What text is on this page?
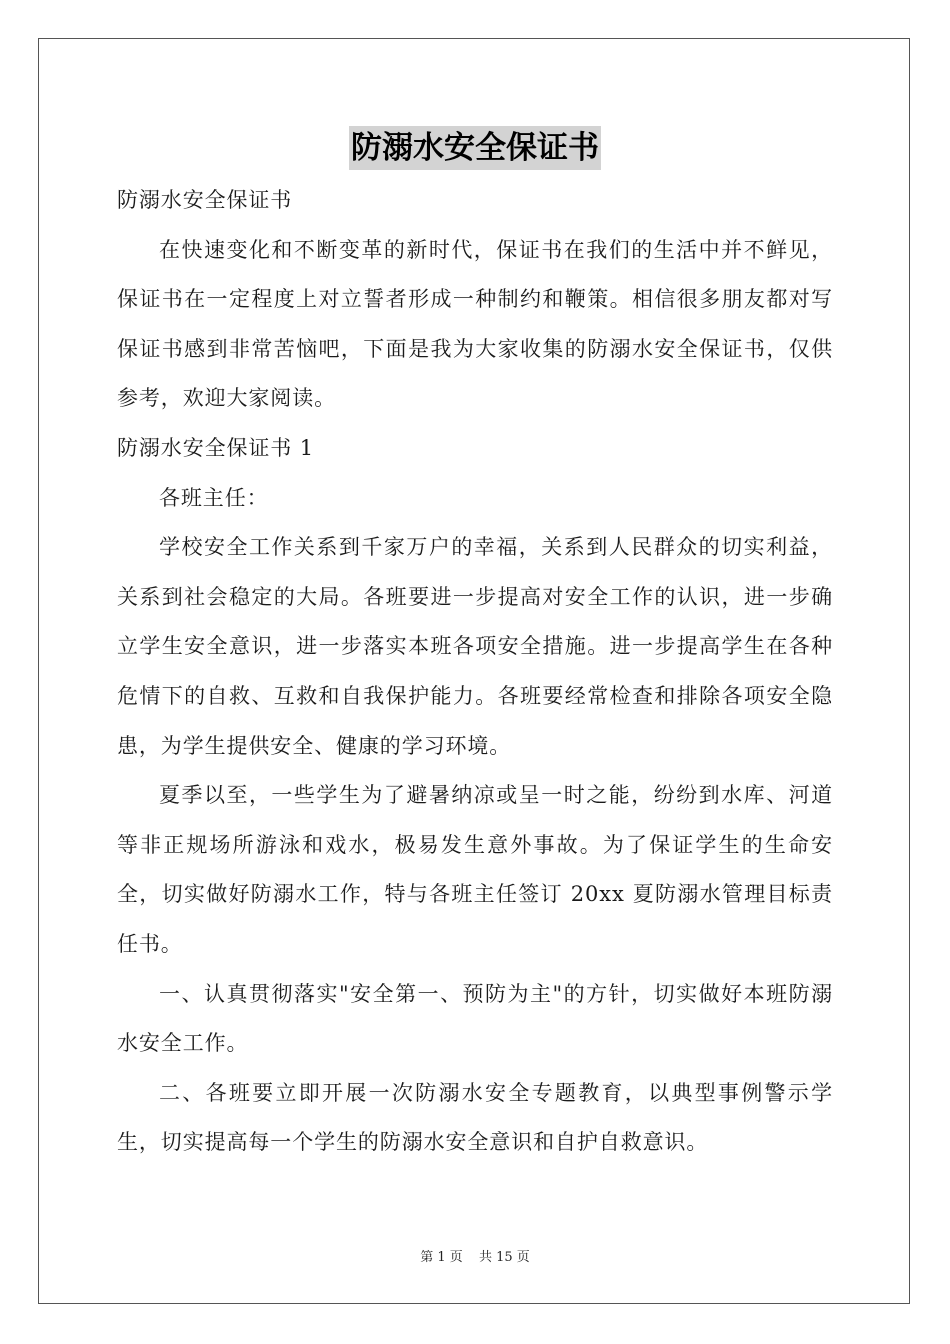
防溺水安全保证书

防溺水安全保证书

在快速变化和不断变革的新时代，保证书在我们的生活中并不鲜见，保证书在一定程度上对立誓者形成一种制约和鞭策。相信很多朋友都对写保证书感到非常苦恼吧，下面是我为大家收集的防溺水安全保证书，仅供参考，欢迎大家阅读。

防溺水安全保证书 1

各班主任：

学校安全工作关系到千家万户的幸福，关系到人民群众的切实利益，关系到社会稳定的大局。各班要进一步提高对安全工作的认识，进一步确立学生安全意识，进一步落实本班各项安全措施。进一步提高学生在各种危情下的自救、互救和自我保护能力。各班要经常检查和排除各项安全隐患，为学生提供安全、健康的学习环境。

夏季以至，一些学生为了避暑纳凉或呈一时之能，纷纷到水库、河道等非正规场所游泳和戏水，极易发生意外事故。为了保证学生的生命安全，切实做好防溺水工作，特与各班主任签订 20xx 夏防溺水管理目标责任书。

一、认真贯彻落实"安全第一、预防为主"的方针，切实做好本班防溺水安全工作。

二、各班要立即开展一次防溺水安全专题教育，以典型事例警示学生，切实提高每一个学生的防溺水安全意识和自护自救意识。

第 1 页 共 15 页
